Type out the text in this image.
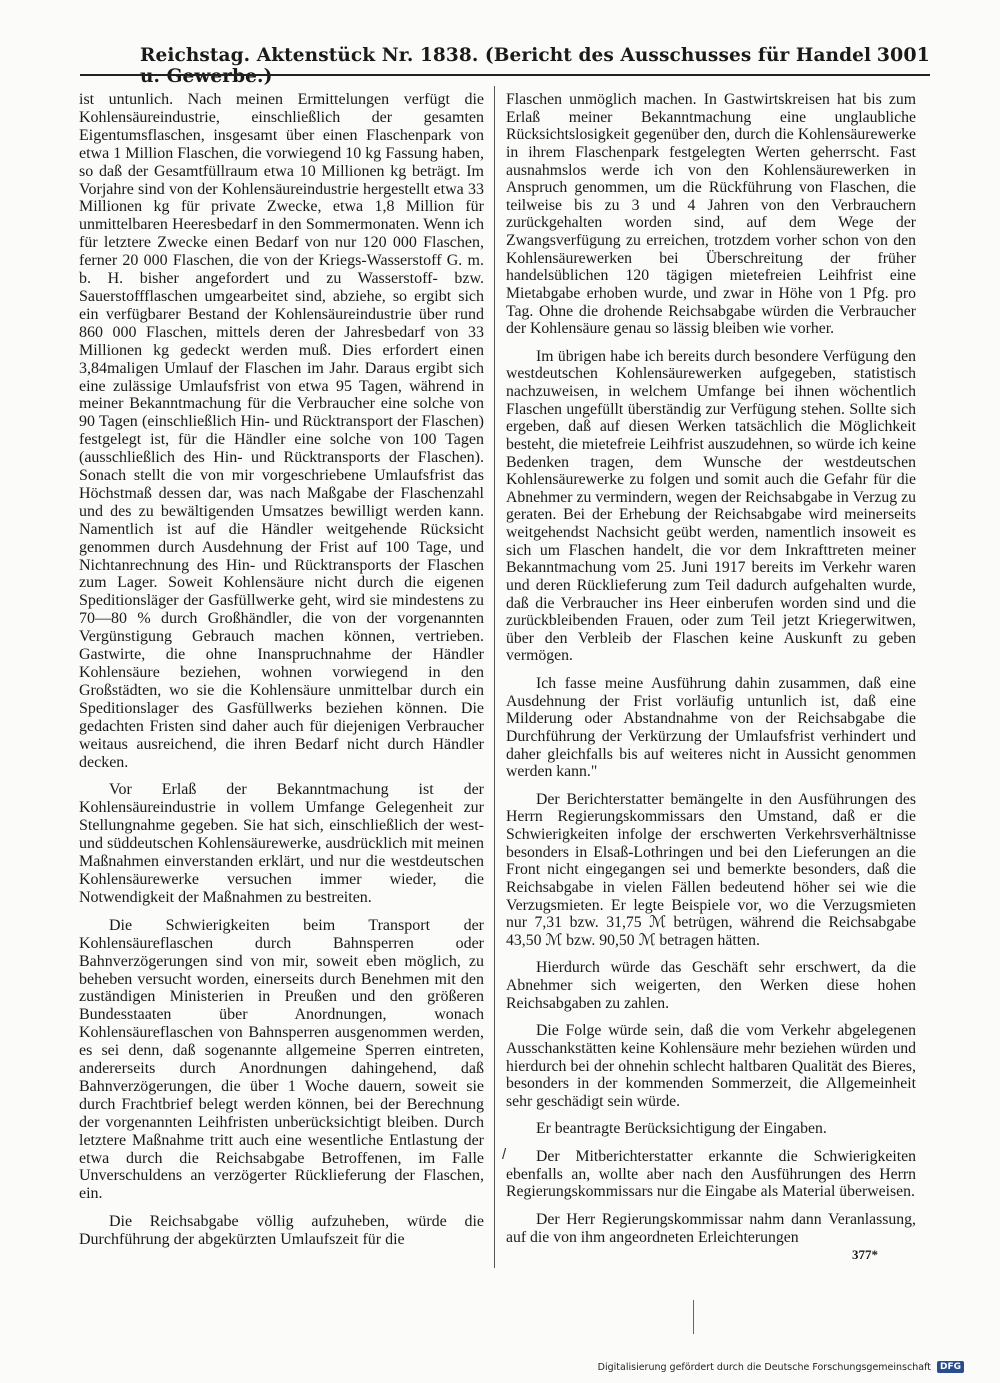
Reichstag. Aktenstück Nr. 1838. (Bericht des Ausschusses für Handel u. Gewerbe.)
3001

ist untunlich. Nach meinen Ermittelungen verfügt die Kohlensäureindustrie, einschließlich der gesamten Eigentumsflaschen, insgesamt über einen Flaschenpark von etwa 1 Million Flaschen, die vorwiegend 10 kg Fassung haben, so daß der Gesamtfüllraum etwa 10 Millionen kg beträgt. Im Vorjahre sind von der Kohlensäureindustrie hergestellt etwa 33 Millionen kg für private Zwecke, etwa 1,8 Million für unmittelbaren Heeresbedarf in den Sommermonaten. Wenn ich für letztere Zwecke einen Bedarf von nur 120 000 Flaschen, ferner 20 000 Flaschen, die von der Kriegs-Wasserstoff G. m. b. H. bisher angefordert und zu Wasserstoff- bzw. Sauerstoffflaschen umgearbeitet sind, abziehe, so ergibt sich ein verfügbarer Bestand der Kohlensäureindustrie über rund 860 000 Flaschen, mittels deren der Jahresbedarf von 33 Millionen kg gedeckt werden muß. Dies erfordert einen 3,84maligen Umlauf der Flaschen im Jahr. Daraus ergibt sich eine zulässige Umlaufsfrist von etwa 95 Tagen, während in meiner Bekanntmachung für die Verbraucher eine solche von 90 Tagen (einschließlich Hin- und Rücktransport der Flaschen) festgelegt ist, für die Händler eine solche von 100 Tagen (ausschließlich des Hin- und Rücktransports der Flaschen). Sonach stellt die von mir vorgeschriebene Umlaufsfrist das Höchstmaß dessen dar, was nach Maßgabe der Flaschenzahl und des zu bewältigenden Umsatzes bewilligt werden kann. Namentlich ist auf die Händler weitgehende Rücksicht genommen durch Ausdehnung der Frist auf 100 Tage, und Nichtanrechnung des Hin- und Rücktransports der Flaschen zum Lager. Soweit Kohlensäure nicht durch die eigenen Speditionsläger der Gasfüllwerke geht, wird sie mindestens zu 70—80 % durch Großhändler, die von der vorgenannten Vergünstigung Gebrauch machen können, vertrieben. Gastwirte, die ohne Inanspruchnahme der Händler Kohlensäure beziehen, wohnen vorwiegend in den Großstädten, wo sie die Kohlensäure unmittelbar durch ein Speditionslager des Gasfüllwerks beziehen können. Die gedachten Fristen sind daher auch für diejenigen Verbraucher weitaus ausreichend, die ihren Bedarf nicht durch Händler decken.

Vor Erlaß der Bekanntmachung ist der Kohlensäureindustrie in vollem Umfange Gelegenheit zur Stellungnahme gegeben. Sie hat sich, einschließlich der west- und süddeutschen Kohlensäurewerke, ausdrücklich mit meinen Maßnahmen einverstanden erklärt, und nur die westdeutschen Kohlensäurewerke versuchen immer wieder, die Notwendigkeit der Maßnahmen zu bestreiten.

Die Schwierigkeiten beim Transport der Kohlensäureflaschen durch Bahnsperren oder Bahnverzögerungen sind von mir, soweit eben möglich, zu beheben versucht worden, einerseits durch Benehmen mit den zuständigen Ministerien in Preußen und den größeren Bundesstaaten über Anordnungen, wonach Kohlensäureflaschen von Bahnsperren ausgenommen werden, es sei denn, daß sogenannte allgemeine Sperren eintreten, andererseits durch Anordnungen dahingehend, daß Bahnverzögerungen, die über 1 Woche dauern, soweit sie durch Frachtbrief belegt werden können, bei der Berechnung der vorgenannten Leihfristen unberücksichtigt bleiben. Durch letztere Maßnahme tritt auch eine wesentliche Entlastung der etwa durch die Reichsabgabe Betroffenen, im Falle Unverschuldens an verzögerter Rücklieferung der Flaschen, ein.

Die Reichsabgabe völlig aufzuheben, würde die Durchführung der abgekürzten Umlaufszeit für die

Flaschen unmöglich machen. In Gastwirtskreisen hat bis zum Erlaß meiner Bekanntmachung eine unglaubliche Rücksichtslosigkeit gegenüber den, durch die Kohlensäurewerke in ihrem Flaschenpark festgelegten Werten geherrscht. Fast ausnahmslos werde ich von den Kohlensäurewerken in Anspruch genommen, um die Rückführung von Flaschen, die teilweise bis zu 3 und 4 Jahren von den Verbrauchern zurückgehalten worden sind, auf dem Wege der Zwangsverfügung zu erreichen, trotzdem vorher schon von den Kohlensäurewerken bei Überschreitung der früher handelsüblichen 120 tägigen mietefreien Leihfrist eine Mietabgabe erhoben wurde, und zwar in Höhe von 1 Pfg. pro Tag. Ohne die drohende Reichsabgabe würden die Verbraucher der Kohlensäure genau so lässig bleiben wie vorher.

Im übrigen habe ich bereits durch besondere Verfügung den westdeutschen Kohlensäurewerken aufgegeben, statistisch nachzuweisen, in welchem Umfange bei ihnen wöchentlich Flaschen ungefüllt überständig zur Verfügung stehen. Sollte sich ergeben, daß auf diesen Werken tatsächlich die Möglichkeit besteht, die mietefreie Leihfrist auszudehnen, so würde ich keine Bedenken tragen, dem Wunsche der westdeutschen Kohlensäurewerke zu folgen und somit auch die Gefahr für die Abnehmer zu vermindern, wegen der Reichsabgabe in Verzug zu geraten. Bei der Erhebung der Reichsabgabe wird meinerseits weitgehendst Nachsicht geübt werden, namentlich insoweit es sich um Flaschen handelt, die vor dem Inkrafttreten meiner Bekanntmachung vom 25. Juni 1917 bereits im Verkehr waren und deren Rücklieferung zum Teil dadurch aufgehalten wurde, daß die Verbraucher ins Heer einberufen worden sind und die zurückbleibenden Frauen, oder zum Teil jetzt Kriegerwitwen, über den Verbleib der Flaschen keine Auskunft zu geben vermögen.

Ich fasse meine Ausführung dahin zusammen, daß eine Ausdehnung der Frist vorläufig untunlich ist, daß eine Milderung oder Abstandnahme von der Reichsabgabe die Durchführung der Verkürzung der Umlaufsfrist verhindert und daher gleichfalls bis auf weiteres nicht in Aussicht genommen werden kann."

Der Berichterstatter bemängelte in den Ausführungen des Herrn Regierungskommissars den Umstand, daß er die Schwierigkeiten infolge der erschwerten Verkehrsverhältnisse besonders in Elsaß-Lothringen und bei den Lieferungen an die Front nicht eingegangen sei und bemerkte besonders, daß die Reichsabgabe in vielen Fällen bedeutend höher sei wie die Verzugsmieten. Er legte Beispiele vor, wo die Verzugsmieten nur 7,31 bzw. 31,75 ℳ betrügen, während die Reichsabgabe 43,50 ℳ bzw. 90,50 ℳ betragen hätten.

Hierdurch würde das Geschäft sehr erschwert, da die Abnehmer sich weigerten, den Werken diese hohen Reichsabgaben zu zahlen.

Die Folge würde sein, daß die vom Verkehr abgelegenen Ausschankstätten keine Kohlensäure mehr beziehen würden und hierdurch bei der ohnehin schlecht haltbaren Qualität des Bieres, besonders in der kommenden Sommerzeit, die Allgemeinheit sehr geschädigt sein würde.

Er beantragte Berücksichtigung der Eingaben.

Der Mitberichterstatter erkannte die Schwierigkeiten ebenfalls an, wollte aber nach den Ausführungen des Herrn Regierungskommissars nur die Eingabe als Material überweisen.

Der Herr Regierungskommissar nahm dann Veranlassung, auf die von ihm angeordneten Erleichterungen

/
377*
Digitalisierung gefördert durch die Deutsche Forschungsgemeinschaft	DFG
